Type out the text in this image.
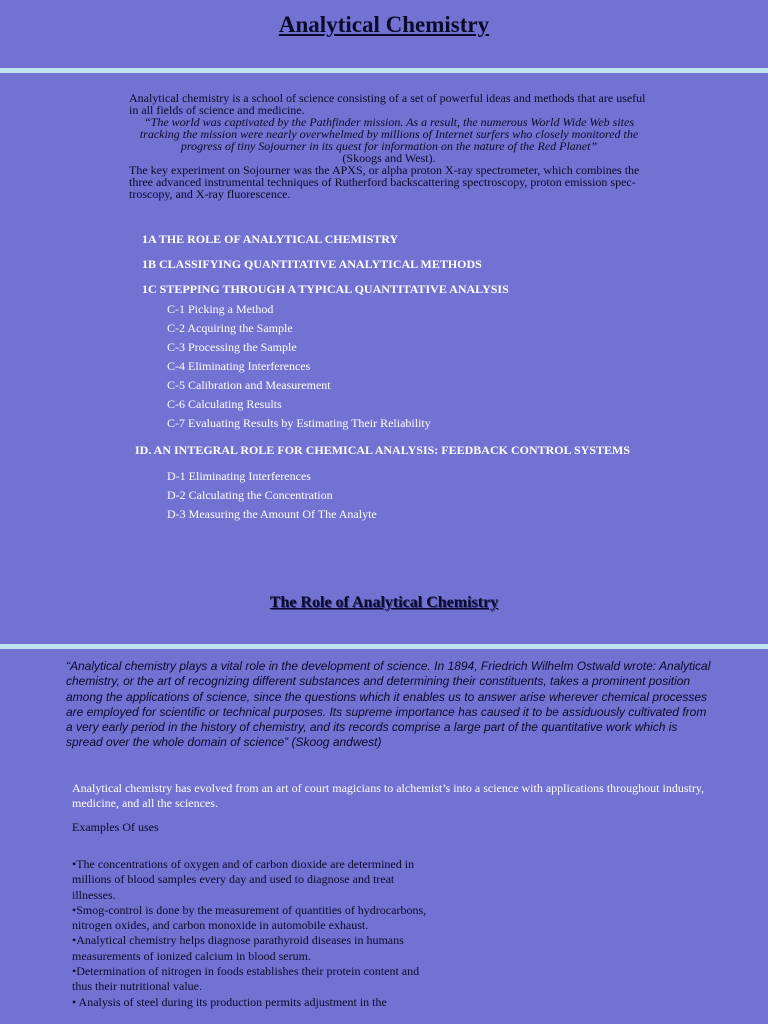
Analytical Chemistry
Analytical chemistry is a school of science consisting of a set of powerful ideas and methods that are useful in all fields of science and medicine.
“The world was captivated by the Pathfinder mission. As a result, the numerous World Wide Web sites tracking the mission were nearly overwhelmed by millions of Internet surfers who closely monitored the progress of tiny Sojourner in its quest for information on the nature of the Red Planet”
(Skoogs and West).
The key experiment on Sojourner was the APXS, or alpha proton X-ray spectrometer, which combines the three advanced instrumental techniques of Rutherford backscattering spectroscopy, proton emission spec-troscopy, and X-ray fluorescence.
1A THE ROLE OF ANALYTICAL CHEMISTRY
1B CLASSIFYING QUANTITATIVE ANALYTICAL METHODS
1C STEPPING THROUGH A TYPICAL QUANTITATIVE ANALYSIS
C-1 Picking a Method
C-2 Acquiring the Sample
C-3 Processing the Sample
C-4 Eliminating Interferences
C-5 Calibration and Measurement
C-6 Calculating Results
C-7 Evaluating Results by Estimating Their Reliability
ID. AN INTEGRAL ROLE FOR CHEMICAL ANALYSIS: FEEDBACK CONTROL SYSTEMS
D-1 Eliminating Interferences
D-2 Calculating the Concentration
D-3 Measuring the Amount Of The Analyte
The Role of Analytical Chemistry
“Analytical chemistry plays a vital role in the development of science. In 1894, Friedrich Wilhelm Ostwald wrote: Analytical chemistry, or the art of recognizing different substances and determining their constituents, takes a prominent position among the applications of science, since the questions which it enables us to answer arise wherever chemical processes are employed for scientific or technical purposes. Its supreme importance has caused it to be assiduously cultivated from a very early period in the history of chemistry, and its records comprise a large part of the quantitative work which is spread over the whole domain of science” (Skoog andwest)
Analytical chemistry has evolved from an art of court magicians to alchemist’s into a science with applications throughout industry, medicine, and all the sciences.
Examples Of uses
•The concentrations of oxygen and of carbon dioxide are determined in millions of blood samples every day and used to diagnose and treat illnesses.
•Smog-control is done by the measurement of quantities of hydrocarbons, nitrogen oxides, and carbon monoxide in automobile exhaust.
•Analytical chemistry helps diagnose parathyroid diseases in humans measurements of ionized calcium in blood serum.
•Determination of nitrogen in foods establishes their protein content and thus their nutritional value.
• Analysis of steel during its production permits adjustment in the
